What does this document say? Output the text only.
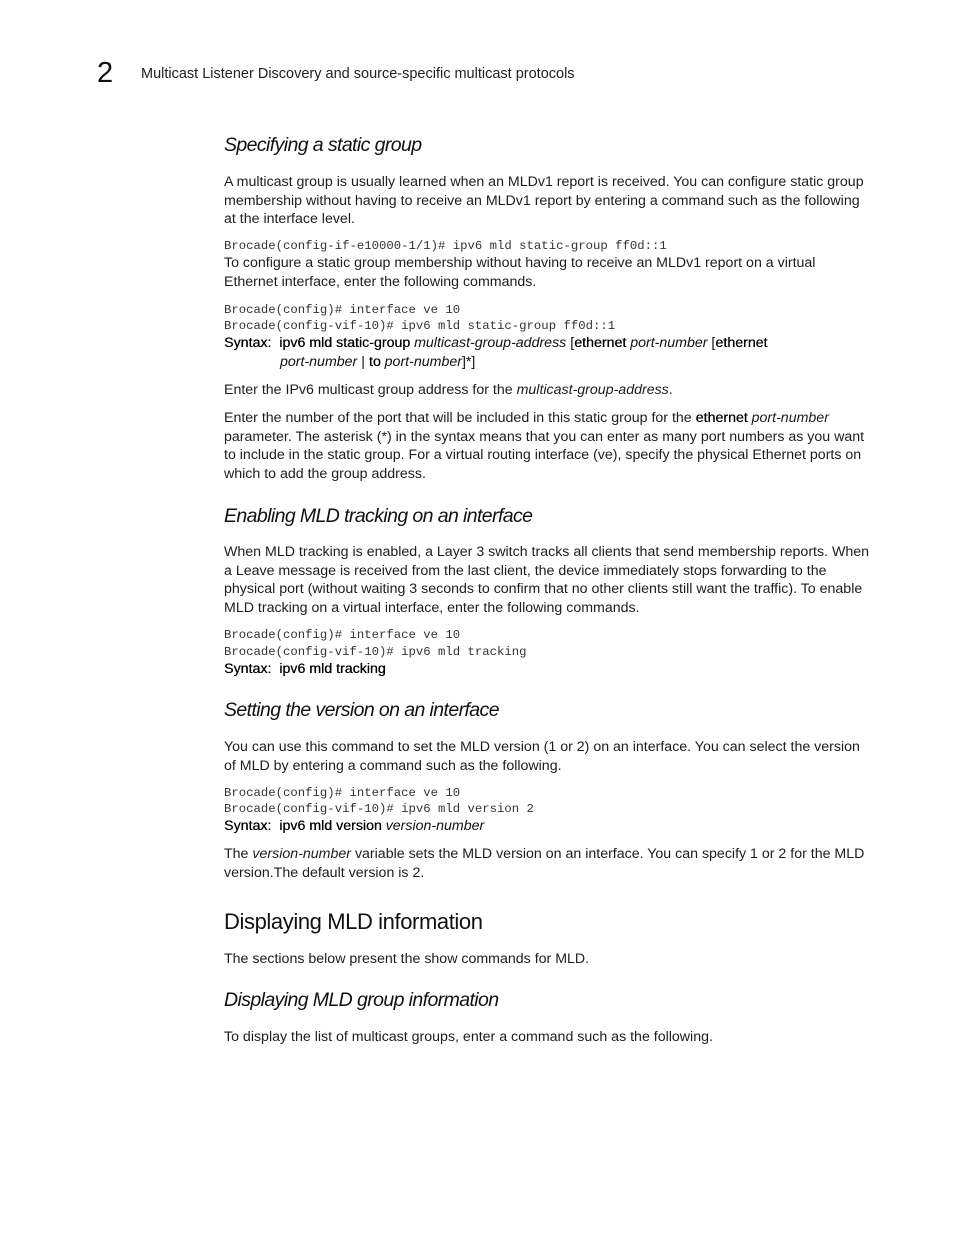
2 Multicast Listener Discovery and source-specific multicast protocols
Specifying a static group

A multicast group is usually learned when an MLDv1 report is received. You can configure static group membership without having to receive an MLDv1 report by entering a command such as the following at the interface level.

Brocade(config-if-e10000-1/1)# ipv6 mld static-group ff0d::1

To configure a static group membership without having to receive an MLDv1 report on a virtual Ethernet interface, enter the following commands.

Brocade(config)# interface ve 10
Brocade(config-vif-10)# ipv6 mld static-group ff0d::1

Syntax: ipv6 mld static-group multicast-group-address [ethernet port-number [ethernet
port-number | to port-number]*]

Enter the IPv6 multicast group address for the multicast-group-address.

Enter the number of the port that will be included in this static group for the ethernet port-number parameter. The asterisk (*) in the syntax means that you can enter as many port numbers as you want to include in the static group. For a virtual routing interface (ve), specify the physical Ethernet ports on which to add the group address.

Enabling MLD tracking on an interface

When MLD tracking is enabled, a Layer 3 switch tracks all clients that send membership reports. When a Leave message is received from the last client, the device immediately stops forwarding to the physical port (without waiting 3 seconds to confirm that no other clients still want the traffic). To enable MLD tracking on a virtual interface, enter the following commands.

Brocade(config)# interface ve 10
Brocade(config-vif-10)# ipv6 mld tracking

Syntax: ipv6 mld tracking

Setting the version on an interface

You can use this command to set the MLD version (1 or 2) on an interface. You can select the version of MLD by entering a command such as the following.

Brocade(config)# interface ve 10
Brocade(config-vif-10)# ipv6 mld version 2

Syntax: ipv6 mld version version-number

The version-number variable sets the MLD version on an interface. You can specify 1 or 2 for the MLD version.The default version is 2.

Displaying MLD information

The sections below present the show commands for MLD.

Displaying MLD group information

To display the list of multicast groups, enter a command such as the following.
